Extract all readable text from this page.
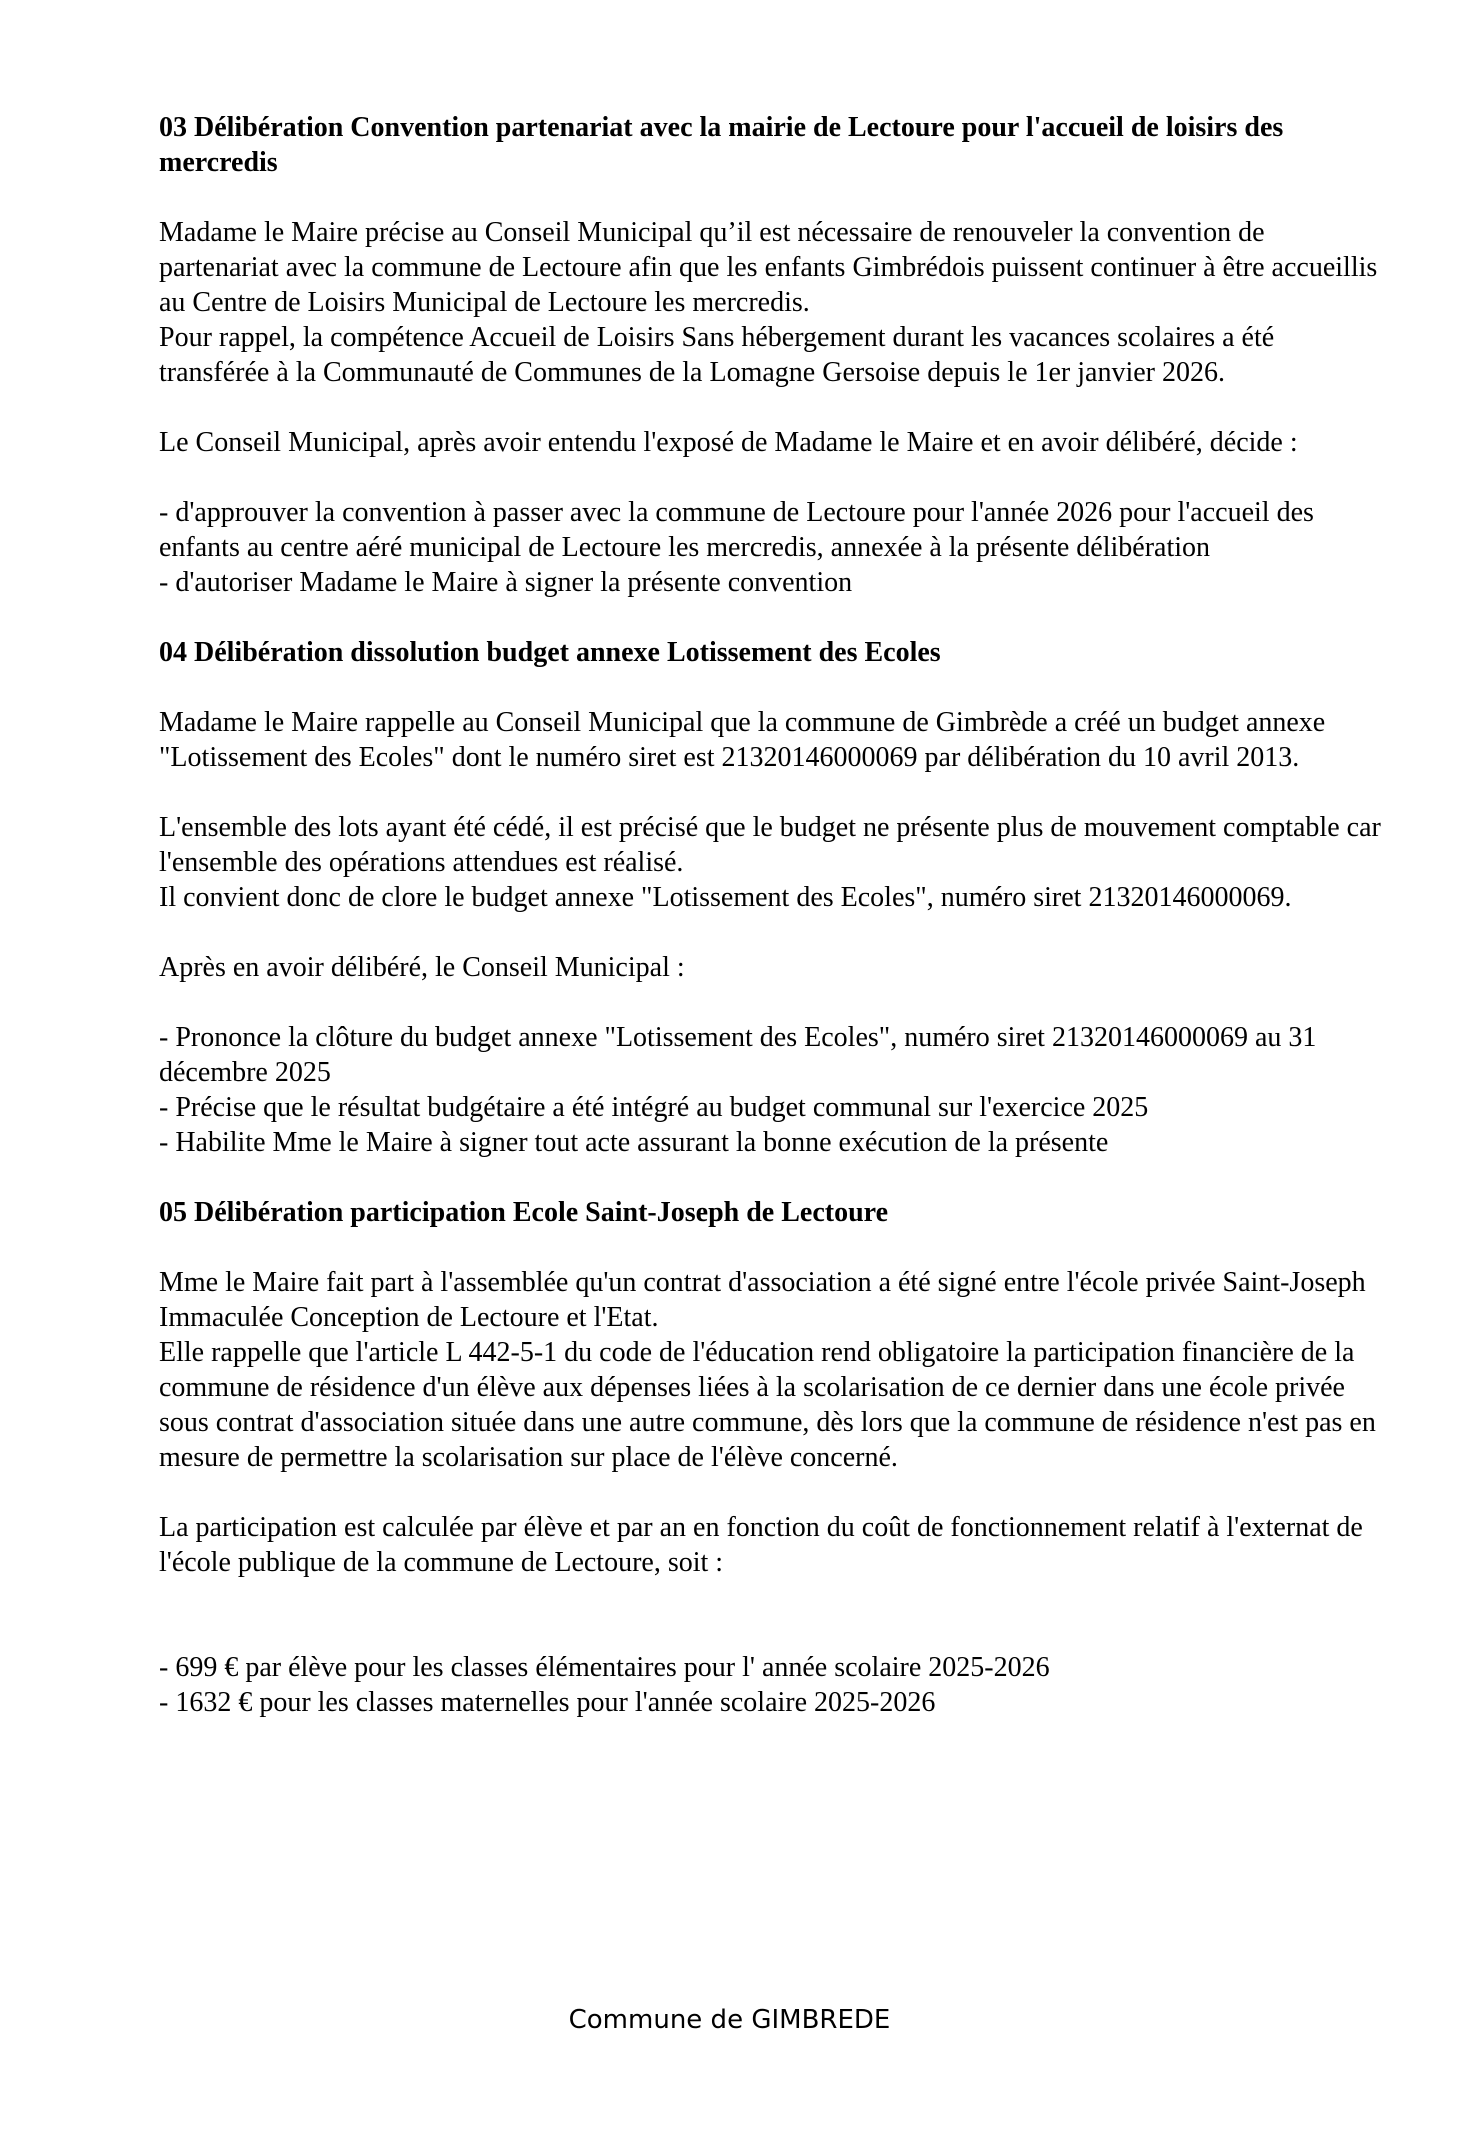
03 Délibération Convention partenariat avec la mairie de Lectoure pour l'accueil de loisirs des mercredis

Madame le Maire précise au Conseil Municipal qu’il est nécessaire de renouveler la convention de partenariat avec la commune de Lectoure afin que les enfants Gimbrédois puissent continuer à être accueillis au Centre de Loisirs Municipal de Lectoure les mercredis.

Pour rappel, la compétence Accueil de Loisirs Sans hébergement durant les vacances scolaires a été transférée à la Communauté de Communes de la Lomagne Gersoise depuis le 1er janvier 2026.

Le Conseil Municipal, après avoir entendu l'exposé de Madame le Maire et en avoir délibéré, décide :

- d'approuver la convention à passer avec la commune de Lectoure pour l'année 2026 pour l'accueil des enfants au centre aéré municipal de Lectoure les mercredis, annexée à la présente délibération

- d'autoriser Madame le Maire à signer la présente convention

04 Délibération dissolution budget annexe Lotissement des Ecoles

Madame le Maire rappelle au Conseil Municipal que la commune de Gimbrède a créé un budget annexe "Lotissement des Ecoles" dont le numéro siret est 21320146000069 par délibération du 10 avril 2013.

L'ensemble des lots ayant été cédé, il est précisé que le budget ne présente plus de mouvement comptable car l'ensemble des opérations attendues est réalisé.

Il convient donc de clore le budget annexe "Lotissement des Ecoles", numéro siret 21320146000069.

Après en avoir délibéré, le Conseil Municipal :

- Prononce la clôture du budget annexe "Lotissement des Ecoles", numéro siret 21320146000069 au 31 décembre 2025

- Précise que le résultat budgétaire a été intégré au budget communal sur l'exercice 2025

- Habilite Mme le Maire à signer tout acte assurant la bonne exécution de la présente

05 Délibération participation Ecole Saint-Joseph de Lectoure

Mme le Maire fait part à l'assemblée qu'un contrat d'association a été signé entre l'école privée Saint-Joseph Immaculée Conception de Lectoure et l'Etat.

Elle rappelle que l'article L 442-5-1 du code de l'éducation rend obligatoire la participation financière de la commune de résidence d'un élève aux dépenses liées à la scolarisation de ce dernier dans une école privée sous contrat d'association située dans une autre commune, dès lors que la commune de résidence n'est pas en mesure de permettre la scolarisation sur place de l'élève concerné.

La participation est calculée par élève et par an en fonction du coût de fonctionnement relatif à l'externat de l'école publique de la commune de Lectoure, soit :

- 699 € par élève pour les classes élémentaires pour l' année scolaire 2025-2026

- 1632 € pour les classes maternelles pour l'année scolaire 2025-2026

Commune de GIMBREDE
